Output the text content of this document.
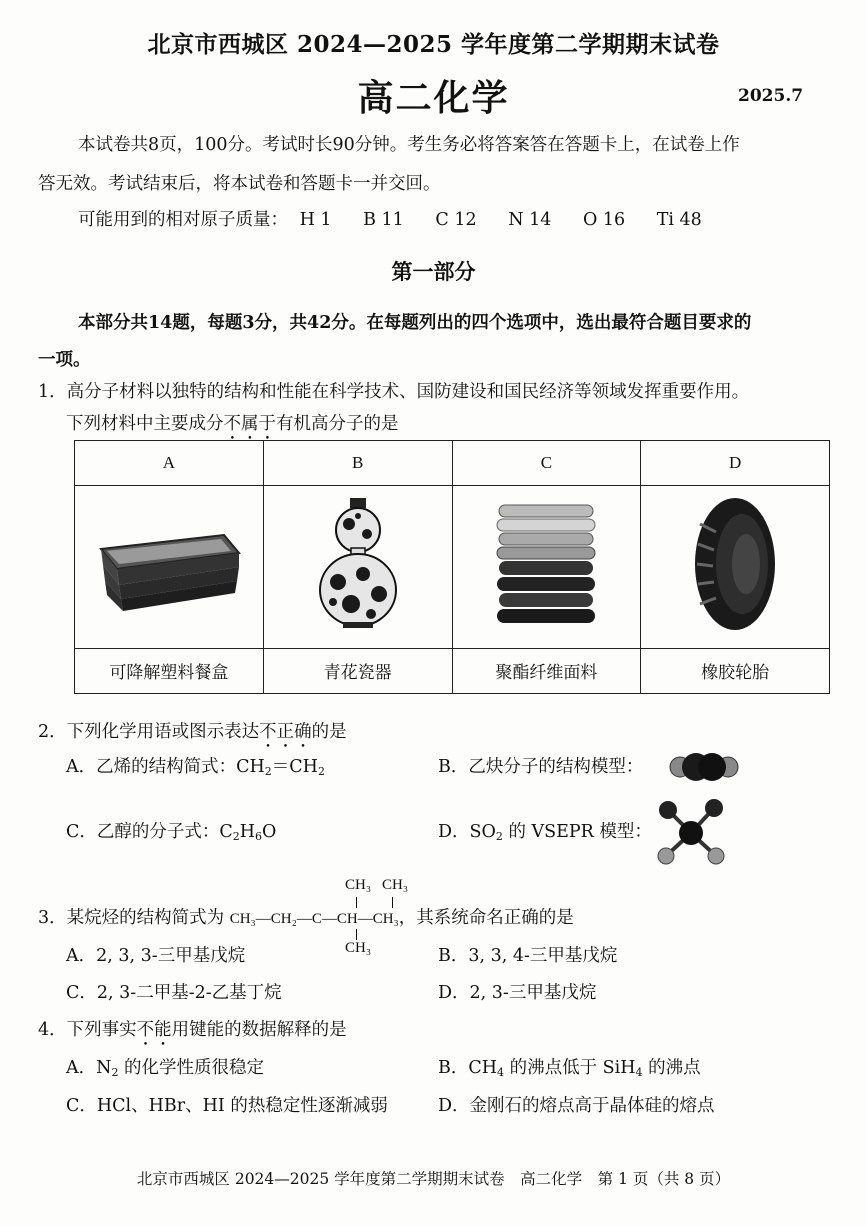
北京市西城区 2024—2025 学年度第二学期期末试卷
高二化学	2025.7
本试卷共8页，100分。考试时长90分钟。考生务必将答案答在答题卡上，在试卷上作
答无效。考试结束后，将本试卷和答题卡一并交回。
可能用到的相对原子质量： H 1 B 11 C 12 N 14 O 16 Ti 48
第一部分
本部分共14题，每题3分，共42分。在每题列出的四个选项中，选出最符合题目要求的
一项。
1．高分子材料以独特的结构和性能在科学技术、国防建设和国民经济等领域发挥重要作用。
下列材料中主要成分不属于有机高分子的是
A	B	C	D

可降解塑料餐盒	青花瓷器	聚酯纤维面料	橡胶轮胎
2．下列化学用语或图示表达不正确的是
A．乙烯的结构简式：$CH_2=CH_2$	B．乙炔分子的结构模型：
C．乙醇的分子式：$C_2H_6O$	D．$SO_2$ 的 VSEPR 模型：
CH₃ CH₃
3．某烷烃的结构简式为 CH₃—CH₂—C—CH—CH₃，其系统命名正确的是
CH₃
A．2, 3, 3-三甲基戊烷	B．3, 3, 4-三甲基戊烷
C．2, 3-二甲基-2-乙基丁烷	D．2, 3-三甲基戊烷
4．下列事实不能用键能的数据解释的是
A．$N_2$ 的化学性质很稳定	B．$CH_4$ 的沸点低于 SiH$_4$ 的沸点
C．HCl、HBr、HI 的热稳定性逐渐减弱	D．金刚石的熔点高于晶体硅的熔点
北京市西城区 2024—2025 学年度第二学期期末试卷　高二化学　第 1 页（共 8 页）
